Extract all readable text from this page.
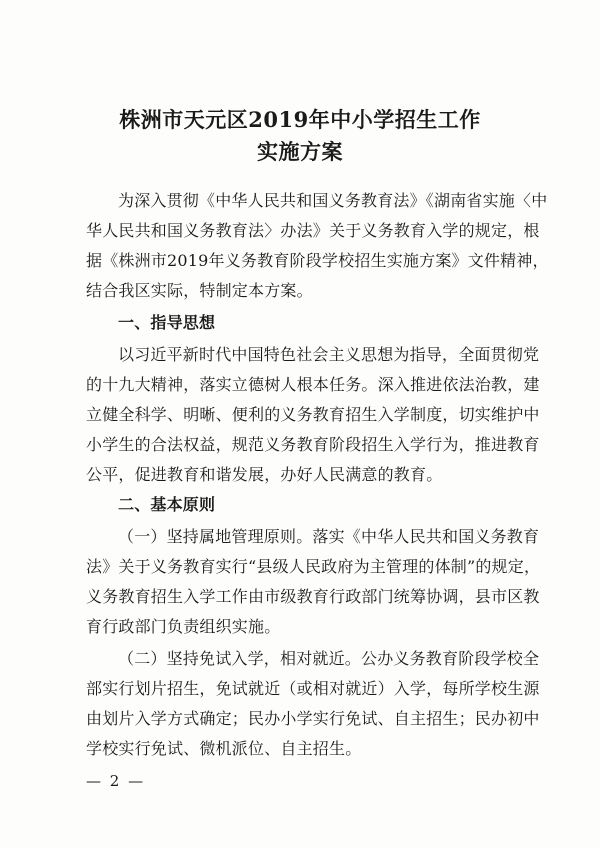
株洲市天元区2019年中小学招生工作
实施方案
为深入贯彻《中华人民共和国义务教育法》《湖南省实施〈中
华人民共和国义务教育法〉办法》关于义务教育入学的规定，根
据《株洲市2019年义务教育阶段学校招生实施方案》文件精神，
结合我区实际，特制定本方案。
一、指导思想
以习近平新时代中国特色社会主义思想为指导，全面贯彻党
的十九大精神，落实立德树人根本任务。深入推进依法治教，建
立健全科学、明晰、便利的义务教育招生入学制度，切实维护中
小学生的合法权益，规范义务教育阶段招生入学行为，推进教育
公平，促进教育和谐发展，办好人民满意的教育。
二、基本原则
（一）坚持属地管理原则。落实《中华人民共和国义务教育
法》关于义务教育实行“县级人民政府为主管理的体制”的规定，
义务教育招生入学工作由市级教育行政部门统筹协调，县市区教
育行政部门负责组织实施。
（二）坚持免试入学，相对就近。公办义务教育阶段学校全
部实行划片招生，免试就近（或相对就近）入学，每所学校生源
由划片入学方式确定；民办小学实行免试、自主招生；民办初中
学校实行免试、微机派位、自主招生。
— 2 —
